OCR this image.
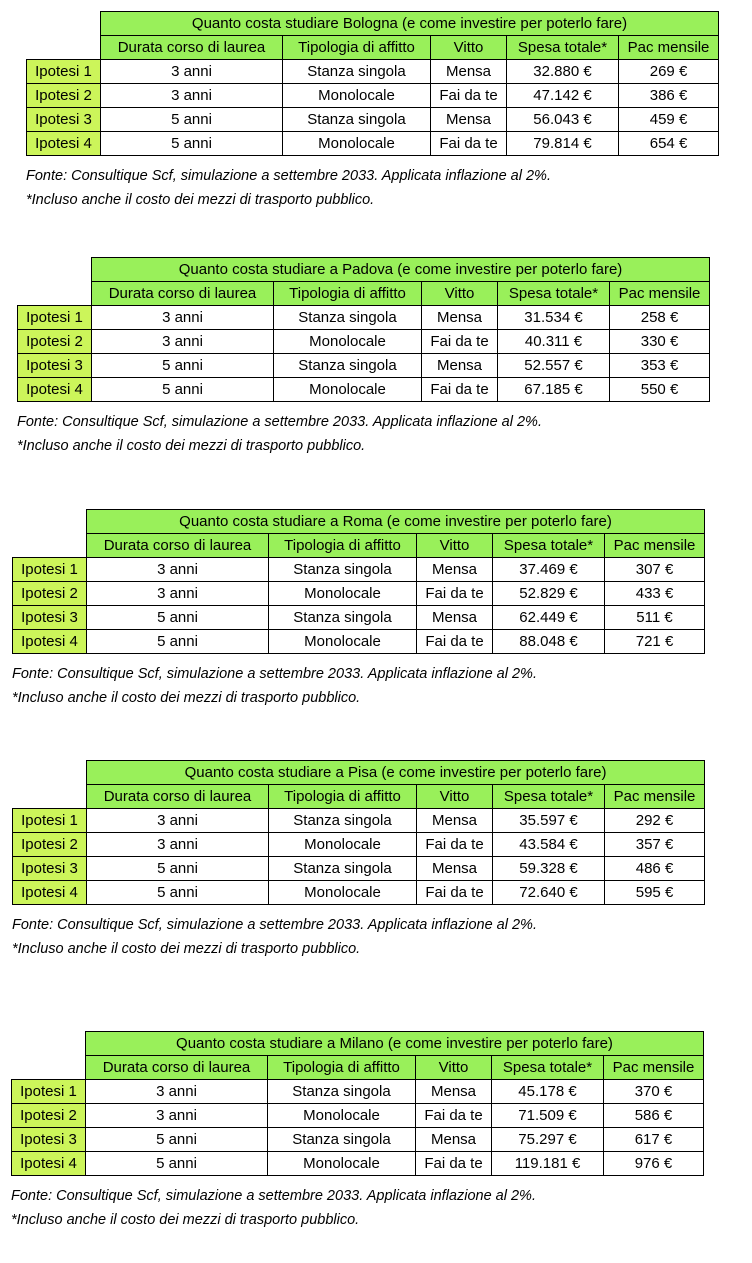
	Quanto costa studiare Bologna (e come investire per poterlo fare)				
	Durata corso di laurea	Tipologia di affitto	Vitto	Spesa totale*	Pac mensile
Ipotesi 1	3 anni	Stanza singola	Mensa	32.880 €	269 €
Ipotesi 2	3 anni	Monolocale	Fai da te	47.142 €	386 €
Ipotesi 3	5 anni	Stanza singola	Mensa	56.043 €	459 €
Ipotesi 4	5 anni	Monolocale	Fai da te	79.814 €	654 €
Fonte: Consultique Scf, simulazione a settembre 2033. Applicata inflazione al 2%.
*Incluso anche il costo dei mezzi di trasporto pubblico.
	Quanto costa studiare a Padova (e come investire per poterlo fare)				
	Durata corso di laurea	Tipologia di affitto	Vitto	Spesa totale*	Pac mensile
Ipotesi 1	3 anni	Stanza singola	Mensa	31.534 €	258 €
Ipotesi 2	3 anni	Monolocale	Fai da te	40.311 €	330 €
Ipotesi 3	5 anni	Stanza singola	Mensa	52.557 €	353 €
Ipotesi 4	5 anni	Monolocale	Fai da te	67.185 €	550 €
Fonte: Consultique Scf, simulazione a settembre 2033. Applicata inflazione al 2%.
*Incluso anche il costo dei mezzi di trasporto pubblico.
	Quanto costa studiare a Roma (e come investire per poterlo fare)				
	Durata corso di laurea	Tipologia di affitto	Vitto	Spesa totale*	Pac mensile
Ipotesi 1	3 anni	Stanza singola	Mensa	37.469 €	307 €
Ipotesi 2	3 anni	Monolocale	Fai da te	52.829 €	433 €
Ipotesi 3	5 anni	Stanza singola	Mensa	62.449 €	511 €
Ipotesi 4	5 anni	Monolocale	Fai da te	88.048 €	721 €
Fonte: Consultique Scf, simulazione a settembre 2033. Applicata inflazione al 2%.
*Incluso anche il costo dei mezzi di trasporto pubblico.
	Quanto costa studiare a Pisa (e come investire per poterlo fare)				
	Durata corso di laurea	Tipologia di affitto	Vitto	Spesa totale*	Pac mensile
Ipotesi 1	3 anni	Stanza singola	Mensa	35.597 €	292 €
Ipotesi 2	3 anni	Monolocale	Fai da te	43.584 €	357 €
Ipotesi 3	5 anni	Stanza singola	Mensa	59.328 €	486 €
Ipotesi 4	5 anni	Monolocale	Fai da te	72.640 €	595 €
Fonte: Consultique Scf, simulazione a settembre 2033. Applicata inflazione al 2%.
*Incluso anche il costo dei mezzi di trasporto pubblico.
	Quanto costa studiare a Milano (e come investire per poterlo fare)				
	Durata corso di laurea	Tipologia di affitto	Vitto	Spesa totale*	Pac mensile
Ipotesi 1	3 anni	Stanza singola	Mensa	45.178 €	370 €
Ipotesi 2	3 anni	Monolocale	Fai da te	71.509 €	586 €
Ipotesi 3	5 anni	Stanza singola	Mensa	75.297 €	617 €
Ipotesi 4	5 anni	Monolocale	Fai da te	119.181 €	976 €
Fonte: Consultique Scf, simulazione a settembre 2033. Applicata inflazione al 2%.
*Incluso anche il costo dei mezzi di trasporto pubblico.
